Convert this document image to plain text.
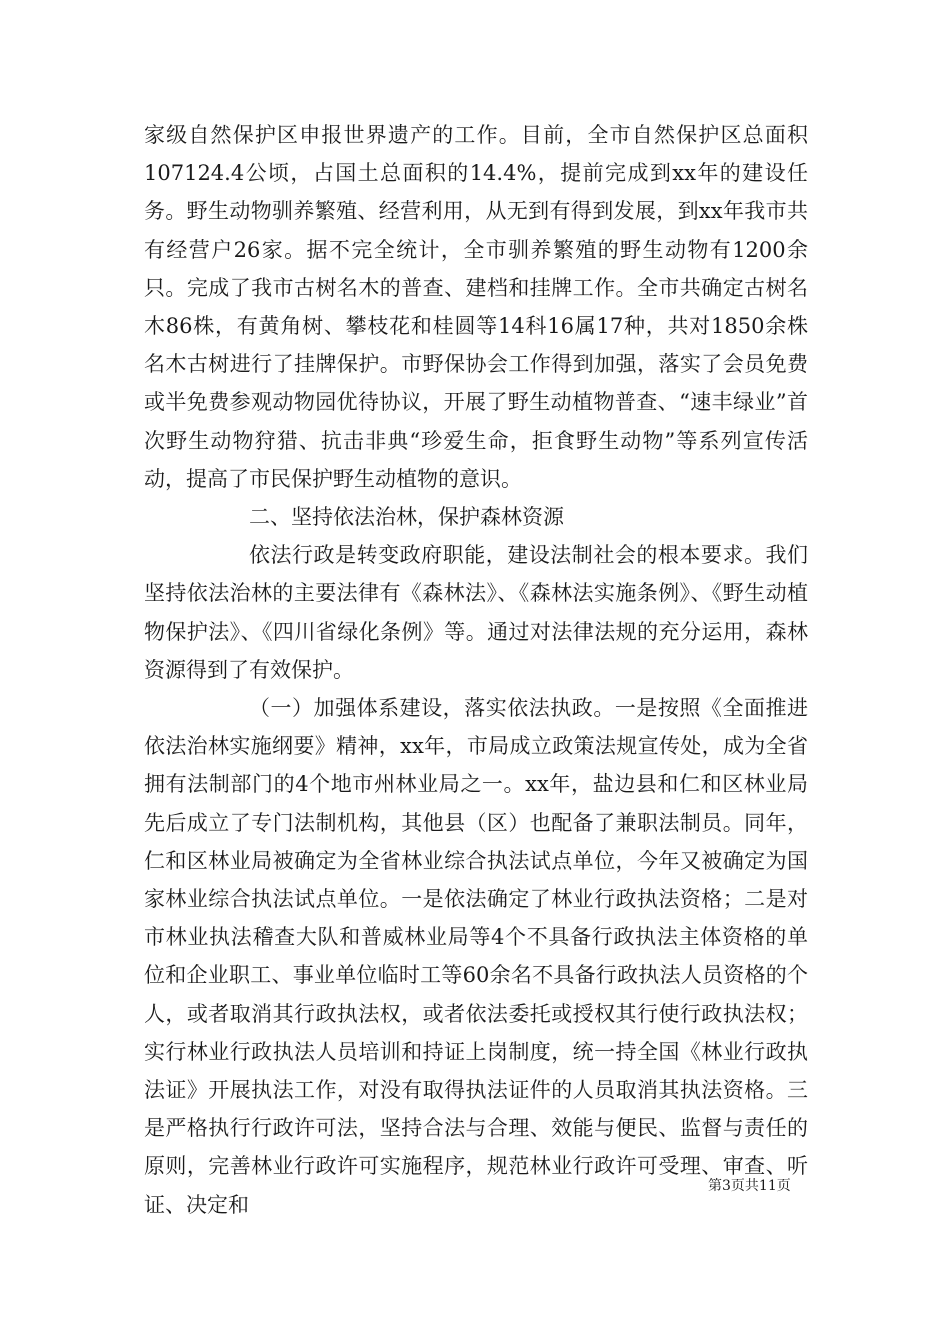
家级自然保护区申报世界遗产的工作。目前，全市自然保护区总面积107124.4公顷，占国土总面积的14.4%，提前完成到xx年的建设任务。野生动物驯养繁殖、经营利用，从无到有得到发展，到xx年我市共有经营户26家。据不完全统计，全市驯养繁殖的野生动物有1200余只。完成了我市古树名木的普查、建档和挂牌工作。全市共确定古树名木86株，有黄角树、攀枝花和桂圆等14科16属17种，共对1850余株名木古树进行了挂牌保护。市野保协会工作得到加强，落实了会员免费或半免费参观动物园优待协议，开展了野生动植物普查、“速丰绿业”首次野生动物狩猎、抗击非典“珍爱生命，拒食野生动物”等系列宣传活动，提高了市民保护野生动植物的意识。

二、坚持依法治林，保护森林资源

依法行政是转变政府职能，建设法制社会的根本要求。我们坚持依法治林的主要法律有《森林法》、《森林法实施条例》、《野生动植物保护法》、《四川省绿化条例》等。通过对法律法规的充分运用，森林资源得到了有效保护。

（一）加强体系建设，落实依法执政。一是按照《全面推进依法治林实施纲要》精神，xx年，市局成立政策法规宣传处，成为全省拥有法制部门的4个地市州林业局之一。xx年，盐边县和仁和区林业局先后成立了专门法制机构，其他县（区）也配备了兼职法制员。同年，仁和区林业局被确定为全省林业综合执法试点单位，今年又被确定为国家林业综合执法试点单位。一是依法确定了林业行政执法资格；二是对市林业执法稽查大队和普威林业局等4个不具备行政执法主体资格的单位和企业职工、事业单位临时工等60余名不具备行政执法人员资格的个人，或者取消其行政执法权，或者依法委托或授权其行使行政执法权；实行林业行政执法人员培训和持证上岗制度，统一持全国《林业行政执法证》开展执法工作，对没有取得执法证件的人员取消其执法资格。三是严格执行行政许可法，坚持合法与合理、效能与便民、监督与责任的原则，完善林业行政许可实施程序，规范林业行政许可受理、审查、听证、决定和

第3页共11页
